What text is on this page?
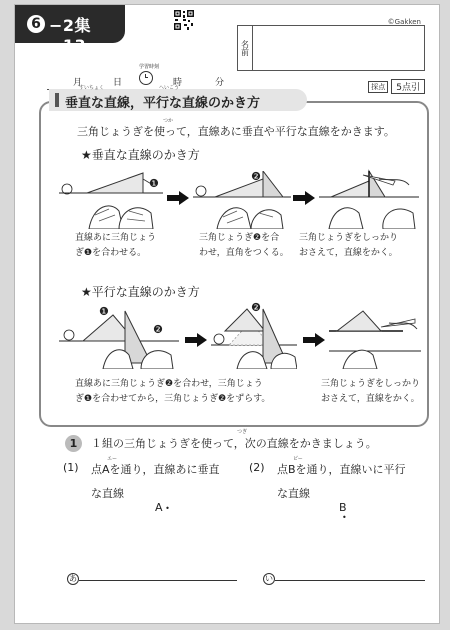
6 −2集−13
©Gakken
名前
月	日
学習時刻
時	分	採点	5点引
すいちょく	へいこう
垂直な直線，平行な直線のかき方
つか
三角じょうぎを使って，直線あに垂直や平行な直線をかきます。
★垂直な直線のかき方
❶
❷
直線あに三角じょう
ぎ❶を合わせる。
三角じょうぎ❷を合
わせ，直角をつくる。
三角じょうぎをしっかり
おさえて，直線をかく。
★平行な直線のかき方
❶
❷
❷
直線あに三角じょうぎ❷を合わせ，三角じょう
ぎ❶を合わせてから，三角じょうぎ❷をずらす。
三角じょうぎをしっかり
おさえて，直線をかく。
1
つぎ
１組の三角じょうぎを使って，次の直線をかきましょう。
(1)
エー
点Aを通り，直線あに垂直
な直線
(2)
ビー
点Bを通り，直線いに平行
な直線
A •	B
•
あ	い
